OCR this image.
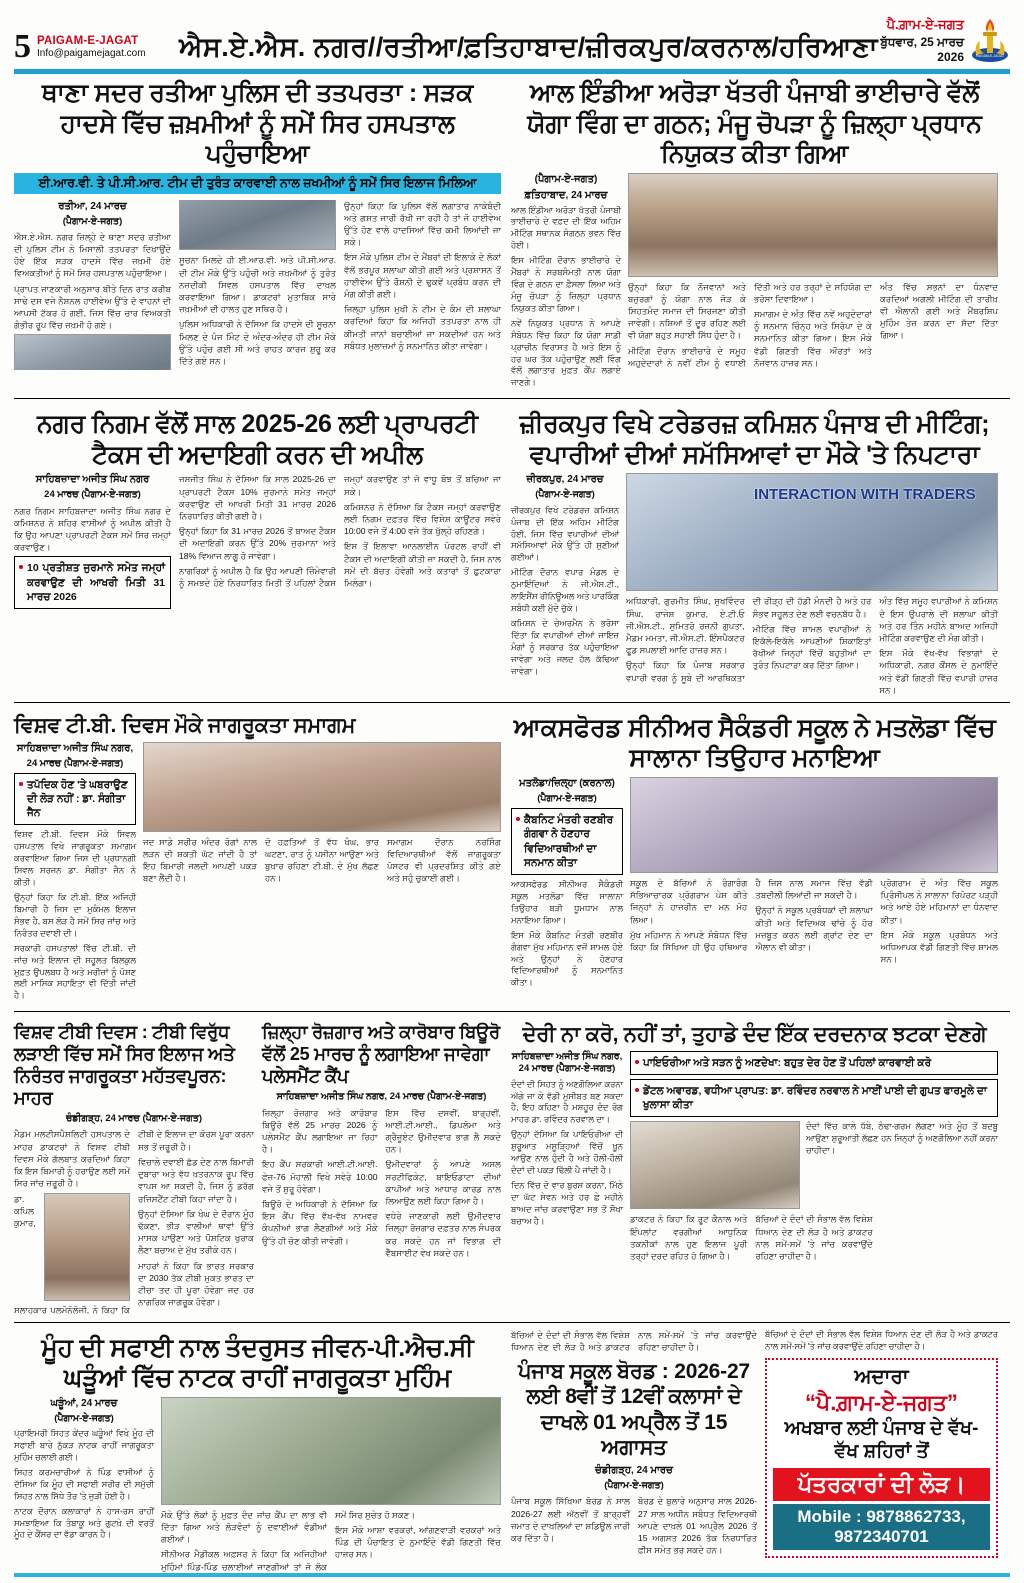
5 PAIGAM-E-JAGAT
Info@paigamejagat.com ਐਸ.ਏ.ਐਸ. ਨਗਰ//ਰਤੀਆ/ਫ਼ਤਿਹਾਬਾਦ/ਜ਼ੀਰਕਪੁਰ/ਕਰਨਾਲ/ਹਰਿਆਣਾ
ਪੈ.ਗ਼ਾਮ-ਏ-ਜਗਤ
ਬੁੱਧਵਾਰ, 25 ਮਾਰਚ 2026	PAIGAM-E-JAGAT
ਥਾਣਾ ਸਦਰ ਰਤੀਆ ਪੁਲਿਸ ਦੀ ਤਤਪਰਤਾ : ਸੜਕ ਹਾਦਸੇ ਵਿੱਚ ਜ਼ਖ਼ਮੀਆਂ ਨੂੰ ਸਮੇਂ ਸਿਰ ਹਸਪਤਾਲ ਪਹੁੰਚਾਇਆ
ਈ.ਆਰ.ਵੀ. ਤੇ ਪੀ.ਸੀ.ਆਰ. ਟੀਮ ਦੀ ਤੁਰੰਤ ਕਾਰਵਾਈ ਨਾਲ ਜ਼ਖਮੀਆਂ ਨੂੰ ਸਮੇਂ ਸਿਰ ਇਲਾਜ ਮਿਲਿਆ
ਰਤੀਆ, 24 ਮਾਰਚ
(ਪੈਗਾਮ-ਏ-ਜਗਤ)

ਐਸ.ਏ.ਐਸ. ਨਗਰ ਜ਼ਿਲ੍ਹੇ ਦੇ ਥਾਣਾ ਸਦਰ ਰਤੀਆ ਦੀ ਪੁਲਿਸ ਟੀਮ ਨੇ ਮਿਸਾਲੀ ਤਤਪਰਤਾ ਦਿਖਾਉਂਦੇ ਹੋਏ ਇੱਕ ਸੜਕ ਹਾਦਸੇ ਵਿੱਚ ਜ਼ਖ਼ਮੀ ਹੋਏ ਵਿਅਕਤੀਆਂ ਨੂੰ ਸਮੇਂ ਸਿਰ ਹਸਪਤਾਲ ਪਹੁੰਚਾਇਆ।

ਪ੍ਰਾਪਤ ਜਾਣਕਾਰੀ ਅਨੁਸਾਰ ਬੀਤੇ ਦਿਨ ਰਾਤ ਕਰੀਬ ਸਾਢੇ ਦਸ ਵਜੇ ਨੈਸ਼ਨਲ ਹਾਈਵੇਅ ਉੱਤੇ ਦੋ ਵਾਹਨਾਂ ਦੀ ਆਪਸੀ ਟੱਕਰ ਹੋ ਗਈ, ਜਿਸ ਵਿੱਚ ਚਾਰ ਵਿਅਕਤੀ ਗੰਭੀਰ ਰੂਪ ਵਿੱਚ ਜ਼ਖ਼ਮੀ ਹੋ ਗਏ।

ਸੂਚਨਾ ਮਿਲਦੇ ਹੀ ਈ.ਆਰ.ਵੀ. ਅਤੇ ਪੀ.ਸੀ.ਆਰ. ਦੀ ਟੀਮ ਮੌਕੇ ਉੱਤੇ ਪਹੁੰਚੀ ਅਤੇ ਜ਼ਖ਼ਮੀਆਂ ਨੂੰ ਤੁਰੰਤ ਨਜ਼ਦੀਕੀ ਸਿਵਲ ਹਸਪਤਾਲ ਵਿੱਚ ਦਾਖ਼ਲ ਕਰਵਾਇਆ ਗਿਆ। ਡਾਕਟਰਾਂ ਮੁਤਾਬਿਕ ਸਾਰੇ ਜ਼ਖ਼ਮੀਆਂ ਦੀ ਹਾਲਤ ਹੁਣ ਸਥਿਰ ਹੈ।

ਪੁਲਿਸ ਅਧਿਕਾਰੀ ਨੇ ਦੱਸਿਆ ਕਿ ਹਾਦਸੇ ਦੀ ਸੂਚਨਾ ਮਿਲਣ ਦੇ ਪੰਜ ਮਿੰਟ ਦੇ ਅੰਦਰ-ਅੰਦਰ ਹੀ ਟੀਮ ਮੌਕੇ ਉੱਤੇ ਪਹੁੰਚ ਗਈ ਸੀ ਅਤੇ ਰਾਹਤ ਕਾਰਜ ਸ਼ੁਰੂ ਕਰ ਦਿੱਤੇ ਗਏ ਸਨ।

ਉਨ੍ਹਾਂ ਕਿਹਾ ਕਿ ਪੁਲਿਸ ਵੱਲੋਂ ਲਗਾਤਾਰ ਨਾਕੇਬੰਦੀ ਅਤੇ ਗਸ਼ਤ ਜਾਰੀ ਰੱਖੀ ਜਾ ਰਹੀ ਹੈ ਤਾਂ ਜੋ ਹਾਈਵੇਅ ਉੱਤੇ ਹੋਣ ਵਾਲੇ ਹਾਦਸਿਆਂ ਵਿੱਚ ਕਮੀ ਲਿਆਂਦੀ ਜਾ ਸਕੇ।

ਇਸ ਮੌਕੇ ਪੁਲਿਸ ਟੀਮ ਦੇ ਮੈਂਬਰਾਂ ਦੀ ਇਲਾਕੇ ਦੇ ਲੋਕਾਂ ਵੱਲੋਂ ਭਰਪੂਰ ਸ਼ਲਾਘਾ ਕੀਤੀ ਗਈ ਅਤੇ ਪ੍ਰਸ਼ਾਸਨ ਤੋਂ ਹਾਈਵੇਅ ਉੱਤੇ ਰੌਸ਼ਨੀ ਦੇ ਢੁਕਵੇਂ ਪ੍ਰਬੰਧ ਕਰਨ ਦੀ ਮੰਗ ਕੀਤੀ ਗਈ।

ਜ਼ਿਲ੍ਹਾ ਪੁਲਿਸ ਮੁਖੀ ਨੇ ਟੀਮ ਦੇ ਕੰਮ ਦੀ ਸ਼ਲਾਘਾ ਕਰਦਿਆਂ ਕਿਹਾ ਕਿ ਅਜਿਹੀ ਤਤਪਰਤਾ ਨਾਲ ਹੀ ਕੀਮਤੀ ਜਾਨਾਂ ਬਚਾਈਆਂ ਜਾ ਸਕਦੀਆਂ ਹਨ ਅਤੇ ਸਬੰਧਤ ਮੁਲਾਜ਼ਮਾਂ ਨੂੰ ਸਨਮਾਨਿਤ ਕੀਤਾ ਜਾਵੇਗਾ।

ਆਲ ਇੰਡੀਆ ਅਰੋੜਾ ਖੱਤਰੀ ਪੰਜਾਬੀ ਭਾਈਚਾਰੇ ਵੱਲੋਂ ਯੋਗਾ ਵਿੰਗ ਦਾ ਗਠਨ; ਮੰਜੂ ਚੋਪੜਾ ਨੂੰ ਜ਼ਿਲ੍ਹਾ ਪ੍ਰਧਾਨ ਨਿਯੁਕਤ ਕੀਤਾ ਗਿਆ
(ਪੈਗਾਮ-ਏ-ਜਗਤ)
ਫ਼ਤਿਹਾਬਾਦ, 24 ਮਾਰਚ

ਆਲ ਇੰਡੀਆ ਅਰੋੜਾ ਖੱਤਰੀ ਪੰਜਾਬੀ ਭਾਈਚਾਰੇ ਦੇ ਵਫ਼ਦ ਦੀ ਇੱਕ ਅਹਿਮ ਮੀਟਿੰਗ ਸਥਾਨਕ ਸੰਗਠਨ ਭਵਨ ਵਿੱਚ ਹੋਈ।

ਇਸ ਮੀਟਿੰਗ ਦੌਰਾਨ ਭਾਈਚਾਰੇ ਦੇ ਮੈਂਬਰਾਂ ਨੇ ਸਰਬਸੰਮਤੀ ਨਾਲ ਯੋਗਾ ਵਿੰਗ ਦੇ ਗਠਨ ਦਾ ਫ਼ੈਸਲਾ ਲਿਆ ਅਤੇ ਮੰਜੂ ਚੋਪੜਾ ਨੂੰ ਜ਼ਿਲ੍ਹਾ ਪ੍ਰਧਾਨ ਨਿਯੁਕਤ ਕੀਤਾ ਗਿਆ।

ਨਵੇਂ ਨਿਯੁਕਤ ਪ੍ਰਧਾਨ ਨੇ ਆਪਣੇ ਸੰਬੋਧਨ ਵਿੱਚ ਕਿਹਾ ਕਿ ਯੋਗਾ ਸਾਡੀ ਪ੍ਰਾਚੀਨ ਵਿਰਾਸਤ ਹੈ ਅਤੇ ਇਸ ਨੂੰ ਹਰ ਘਰ ਤੱਕ ਪਹੁੰਚਾਉਣ ਲਈ ਵਿੰਗ ਵੱਲੋਂ ਲਗਾਤਾਰ ਮੁਫ਼ਤ ਕੈਂਪ ਲਗਾਏ ਜਾਣਗੇ।

ਉਨ੍ਹਾਂ ਕਿਹਾ ਕਿ ਨੌਜਵਾਨਾਂ ਅਤੇ ਬਜ਼ੁਰਗਾਂ ਨੂੰ ਯੋਗਾ ਨਾਲ ਜੋੜ ਕੇ ਸਿਹਤਮੰਦ ਸਮਾਜ ਦੀ ਸਿਰਜਣਾ ਕੀਤੀ ਜਾਵੇਗੀ। ਨਸ਼ਿਆਂ ਤੋਂ ਦੂਰ ਰਹਿਣ ਲਈ ਵੀ ਯੋਗਾ ਬਹੁਤ ਸਹਾਈ ਸਿੱਧ ਹੁੰਦਾ ਹੈ।

ਮੀਟਿੰਗ ਦੌਰਾਨ ਭਾਈਚਾਰੇ ਦੇ ਸਮੂਹ ਅਹੁਦੇਦਾਰਾਂ ਨੇ ਨਵੀਂ ਟੀਮ ਨੂੰ ਵਧਾਈ ਦਿੱਤੀ ਅਤੇ ਹਰ ਤਰ੍ਹਾਂ ਦੇ ਸਹਿਯੋਗ ਦਾ ਭਰੋਸਾ ਦਿਵਾਇਆ।

ਸਮਾਗਮ ਦੇ ਅੰਤ ਵਿੱਚ ਨਵੇਂ ਅਹੁਦੇਦਾਰਾਂ ਨੂੰ ਸਨਮਾਨ ਚਿੰਨ੍ਹ ਅਤੇ ਸਿਰੋਪਾ ਦੇ ਕੇ ਸਨਮਾਨਿਤ ਕੀਤਾ ਗਿਆ। ਇਸ ਮੌਕੇ ਵੱਡੀ ਗਿਣਤੀ ਵਿੱਚ ਔਰਤਾਂ ਅਤੇ ਨੌਜਵਾਨ ਹਾਜ਼ਰ ਸਨ।

ਅੰਤ ਵਿੱਚ ਸਭਨਾਂ ਦਾ ਧੰਨਵਾਦ ਕਰਦਿਆਂ ਅਗਲੀ ਮੀਟਿੰਗ ਦੀ ਤਾਰੀਖ਼ ਵੀ ਐਲਾਨੀ ਗਈ ਅਤੇ ਮੈਂਬਰਸ਼ਿਪ ਮੁਹਿੰਮ ਤੇਜ਼ ਕਰਨ ਦਾ ਸੱਦਾ ਦਿੱਤਾ ਗਿਆ।

ਨਗਰ ਨਿਗਮ ਵੱਲੋਂ ਸਾਲ 2025-26 ਲਈ ਪ੍ਰਾਪਰਟੀ ਟੈਕਸ ਦੀ ਅਦਾਇਗੀ ਕਰਨ ਦੀ ਅਪੀਲ
ਸਾਹਿਬਜ਼ਾਦਾ ਅਜੀਤ ਸਿੰਘ ਨਗਰ
24 ਮਾਰਚ (ਪੈਗਾਮ-ਏ-ਜਗਤ)

ਨਗਰ ਨਿਗਮ ਸਾਹਿਬਜ਼ਾਦਾ ਅਜੀਤ ਸਿੰਘ ਨਗਰ ਦੇ ਕਮਿਸ਼ਨਰ ਨੇ ਸ਼ਹਿਰ ਵਾਸੀਆਂ ਨੂੰ ਅਪੀਲ ਕੀਤੀ ਹੈ ਕਿ ਉਹ ਆਪਣਾ ਪ੍ਰਾਪਰਟੀ ਟੈਕਸ ਸਮੇਂ ਸਿਰ ਜਮ੍ਹਾਂ ਕਰਵਾਉਣ।

10 ਪ੍ਰਤੀਸ਼ਤ ਜੁਰਮਾਨੇ ਸਮੇਤ ਜਮ੍ਹਾਂ ਕਰਵਾਉਣ ਦੀ ਆਖਰੀ ਮਿਤੀ 31 ਮਾਰਚ 2026

ਜਸਜੀਤ ਸਿੰਘ ਨੇ ਦੱਸਿਆ ਕਿ ਸਾਲ 2025-26 ਦਾ ਪ੍ਰਾਪਰਟੀ ਟੈਕਸ 10% ਜੁਰਮਾਨੇ ਸਮੇਤ ਜਮ੍ਹਾਂ ਕਰਵਾਉਣ ਦੀ ਆਖਰੀ ਮਿਤੀ 31 ਮਾਰਚ 2026 ਨਿਰਧਾਰਿਤ ਕੀਤੀ ਗਈ ਹੈ।

ਉਨ੍ਹਾਂ ਕਿਹਾ ਕਿ 31 ਮਾਰਚ 2026 ਤੋਂ ਬਾਅਦ ਟੈਕਸ ਦੀ ਅਦਾਇਗੀ ਕਰਨ ਉੱਤੇ 20% ਜੁਰਮਾਨਾ ਅਤੇ 18% ਵਿਆਜ ਲਾਗੂ ਹੋ ਜਾਵੇਗਾ।

ਨਾਗਰਿਕਾਂ ਨੂੰ ਅਪੀਲ ਹੈ ਕਿ ਉਹ ਆਪਣੀ ਜ਼ਿੰਮੇਵਾਰੀ ਨੂੰ ਸਮਝਦੇ ਹੋਏ ਨਿਰਧਾਰਿਤ ਮਿਤੀ ਤੋਂ ਪਹਿਲਾਂ ਟੈਕਸ ਜਮ੍ਹਾਂ ਕਰਵਾਉਣ ਤਾਂ ਜੋ ਵਾਧੂ ਬੋਝ ਤੋਂ ਬਚਿਆ ਜਾ ਸਕੇ।

ਕਮਿਸ਼ਨਰ ਨੇ ਦੱਸਿਆ ਕਿ ਟੈਕਸ ਜਮ੍ਹਾਂ ਕਰਵਾਉਣ ਲਈ ਨਿਗਮ ਦਫ਼ਤਰ ਵਿੱਚ ਵਿਸ਼ੇਸ਼ ਕਾਊਂਟਰ ਸਵੇਰੇ 10:00 ਵਜੇ ਤੋਂ 4:00 ਵਜੇ ਤੱਕ ਖੁੱਲ੍ਹੇ ਰਹਿਣਗੇ।

ਇਸ ਤੋਂ ਇਲਾਵਾ ਆਨਲਾਈਨ ਪੋਰਟਲ ਰਾਹੀਂ ਵੀ ਟੈਕਸ ਦੀ ਅਦਾਇਗੀ ਕੀਤੀ ਜਾ ਸਕਦੀ ਹੈ, ਜਿਸ ਨਾਲ ਸਮੇਂ ਦੀ ਬੱਚਤ ਹੋਵੇਗੀ ਅਤੇ ਕਤਾਰਾਂ ਤੋਂ ਛੁਟਕਾਰਾ ਮਿਲੇਗਾ।

ਜ਼ੀਰਕਪੁਰ ਵਿਖੇ ਟਰੇਡਰਜ਼ ਕਮਿਸ਼ਨ ਪੰਜਾਬ ਦੀ ਮੀਟਿੰਗ; ਵਪਾਰੀਆਂ ਦੀਆਂ ਸਮੱਸਿਆਵਾਂ ਦਾ ਮੌਕੇ 'ਤੇ ਨਿਪਟਾਰਾ
ਜ਼ੀਰਕਪੁਰ, 24 ਮਾਰਚ
(ਪੈਗਾਮ-ਏ-ਜਗਤ)

ਜ਼ੀਰਕਪੁਰ ਵਿਖੇ ਟਰੇਡਰਜ਼ ਕਮਿਸ਼ਨ ਪੰਜਾਬ ਦੀ ਇੱਕ ਅਹਿਮ ਮੀਟਿੰਗ ਹੋਈ, ਜਿਸ ਵਿੱਚ ਵਪਾਰੀਆਂ ਦੀਆਂ ਸਮੱਸਿਆਵਾਂ ਮੌਕੇ ਉੱਤੇ ਹੀ ਸੁਣੀਆਂ ਗਈਆਂ।

ਮੀਟਿੰਗ ਦੌਰਾਨ ਵਪਾਰ ਮੰਡਲ ਦੇ ਨੁਮਾਇੰਦਿਆਂ ਨੇ ਜੀ.ਐਸ.ਟੀ., ਲਾਇਸੈਂਸ ਰੀਨਿਊਅਲ ਅਤੇ ਪਾਰਕਿੰਗ ਸਬੰਧੀ ਕਈ ਮੁੱਦੇ ਚੁੱਕੇ।

ਕਮਿਸ਼ਨ ਦੇ ਚੇਅਰਮੈਨ ਨੇ ਭਰੋਸਾ ਦਿੱਤਾ ਕਿ ਵਪਾਰੀਆਂ ਦੀਆਂ ਜਾਇਜ਼ ਮੰਗਾਂ ਨੂੰ ਸਰਕਾਰ ਤੱਕ ਪਹੁੰਚਾਇਆ ਜਾਵੇਗਾ ਅਤੇ ਜਲਦ ਹੱਲ ਕੱਢਿਆ ਜਾਵੇਗਾ।

INTERACTION WITH TRADERS

ਅਧਿਕਾਰੀ, ਗੁਰਮੀਤ ਸਿੰਘ, ਸੁਖਵਿੰਦਰ ਸਿੰਘ, ਰਾਜੇਸ਼ ਕੁਮਾਰ, ਏ.ਟੀ.ਓ ਜੀ.ਐਸ.ਟੀ., ਸੁਮਿਤਰੋ ਰਜਨੀ ਗੁਪਤਾ, ਮੈਡਮ ਮਮਤਾ, ਜੀ.ਐਸ.ਟੀ. ਇੰਸਪੈਕਟਰ ਫੂਡ ਸਪਲਾਈ ਆਦਿ ਹਾਜ਼ਰ ਸਨ।

ਉਨ੍ਹਾਂ ਕਿਹਾ ਕਿ ਪੰਜਾਬ ਸਰਕਾਰ ਵਪਾਰੀ ਵਰਗ ਨੂੰ ਸੂਬੇ ਦੀ ਆਰਥਿਕਤਾ ਦੀ ਰੀੜ੍ਹ ਦੀ ਹੱਡੀ ਮੰਨਦੀ ਹੈ ਅਤੇ ਹਰ ਸੰਭਵ ਸਹੂਲਤ ਦੇਣ ਲਈ ਵਚਨਬੱਧ ਹੈ।

ਮੀਟਿੰਗ ਵਿੱਚ ਸ਼ਾਮਲ ਵਪਾਰੀਆਂ ਨੇ ਇਕੱਲੇ-ਇਕੱਲੇ ਆਪਣੀਆਂ ਸ਼ਿਕਾਇਤਾਂ ਰੱਖੀਆਂ ਜਿਨ੍ਹਾਂ ਵਿੱਚੋਂ ਬਹੁਤੀਆਂ ਦਾ ਤੁਰੰਤ ਨਿਪਟਾਰਾ ਕਰ ਦਿੱਤਾ ਗਿਆ।

ਅੰਤ ਵਿੱਚ ਸਮੂਹ ਵਪਾਰੀਆਂ ਨੇ ਕਮਿਸ਼ਨ ਦੇ ਇਸ ਉਪਰਾਲੇ ਦੀ ਸ਼ਲਾਘਾ ਕੀਤੀ ਅਤੇ ਹਰ ਤਿੰਨ ਮਹੀਨੇ ਬਾਅਦ ਅਜਿਹੀ ਮੀਟਿੰਗ ਕਰਵਾਉਣ ਦੀ ਮੰਗ ਕੀਤੀ।

ਇਸ ਮੌਕੇ ਵੱਖ-ਵੱਖ ਵਿਭਾਗਾਂ ਦੇ ਅਧਿਕਾਰੀ, ਨਗਰ ਕੌਂਸਲ ਦੇ ਨੁਮਾਇੰਦੇ ਅਤੇ ਵੱਡੀ ਗਿਣਤੀ ਵਿੱਚ ਵਪਾਰੀ ਹਾਜ਼ਰ ਸਨ।

ਵਿਸ਼ਵ ਟੀ.ਬੀ. ਦਿਵਸ ਮੌਕੇ ਜਾਗਰੂਕਤਾ ਸਮਾਗਮ
ਸਾਹਿਬਜ਼ਾਦਾ ਅਜੀਤ ਸਿੰਘ ਨਗਰ,
24 ਮਾਰਚ (ਪੈਗਾਮ-ਏ-ਜਗਤ)
ਤਪੱਦਿਕ ਹੋਣ 'ਤੇ ਘਬਰਾਉਣ ਦੀ ਲੋੜ ਨਹੀਂ : ਡਾ. ਸੰਗੀਤਾ ਜੈਨ

ਵਿਸ਼ਵ ਟੀ.ਬੀ. ਦਿਵਸ ਮੌਕੇ ਸਿਵਲ ਹਸਪਤਾਲ ਵਿਖੇ ਜਾਗਰੂਕਤਾ ਸਮਾਗਮ ਕਰਵਾਇਆ ਗਿਆ ਜਿਸ ਦੀ ਪ੍ਰਧਾਨਗੀ ਸਿਵਲ ਸਰਜਨ ਡਾ. ਸੰਗੀਤਾ ਜੈਨ ਨੇ ਕੀਤੀ।

ਉਨ੍ਹਾਂ ਕਿਹਾ ਕਿ ਟੀ.ਬੀ. ਇੱਕ ਅਜਿਹੀ ਬਿਮਾਰੀ ਹੈ ਜਿਸ ਦਾ ਮੁਕੰਮਲ ਇਲਾਜ ਸੰਭਵ ਹੈ, ਬਸ ਲੋੜ ਹੈ ਸਮੇਂ ਸਿਰ ਜਾਂਚ ਅਤੇ ਨਿਰੰਤਰ ਦਵਾਈ ਦੀ।

ਸਰਕਾਰੀ ਹਸਪਤਾਲਾਂ ਵਿੱਚ ਟੀ.ਬੀ. ਦੀ ਜਾਂਚ ਅਤੇ ਇਲਾਜ ਦੀ ਸਹੂਲਤ ਬਿਲਕੁਲ ਮੁਫ਼ਤ ਉਪਲਬਧ ਹੈ ਅਤੇ ਮਰੀਜ਼ਾਂ ਨੂੰ ਪੋਸ਼ਣ ਲਈ ਮਾਸਿਕ ਸਹਾਇਤਾ ਵੀ ਦਿੱਤੀ ਜਾਂਦੀ ਹੈ।

ਜਦ ਸਾਡੇ ਸਰੀਰ ਅੰਦਰ ਰੋਗਾਂ ਨਾਲ ਲੜਨ ਦੀ ਸ਼ਕਤੀ ਘੱਟ ਜਾਂਦੀ ਹੈ ਤਾਂ ਇਹ ਬਿਮਾਰੀ ਜਲਦੀ ਆਪਣੀ ਪਕੜ ਬਣਾ ਲੈਂਦੀ ਹੈ।

ਦੋ ਹਫ਼ਤਿਆਂ ਤੋਂ ਵੱਧ ਖੰਘ, ਭਾਰ ਘਟਣਾ, ਰਾਤ ਨੂੰ ਪਸੀਨਾ ਆਉਣਾ ਅਤੇ ਬੁਖ਼ਾਰ ਰਹਿਣਾ ਟੀ.ਬੀ. ਦੇ ਮੁੱਖ ਲੱਛਣ ਹਨ।

ਸਮਾਗਮ ਦੌਰਾਨ ਨਰਸਿੰਗ ਵਿਦਿਆਰਥੀਆਂ ਵੱਲੋਂ ਜਾਗਰੂਕਤਾ ਪੋਸਟਰ ਵੀ ਪ੍ਰਦਰਸ਼ਿਤ ਕੀਤੇ ਗਏ ਅਤੇ ਸਹੁੰ ਚੁਕਾਈ ਗਈ।

ਆਕਸਫੋਰਡ ਸੀਨੀਅਰ ਸੈਕੰਡਰੀ ਸਕੂਲ ਨੇ ਮਤਲੋਡਾ ਵਿੱਚ ਸਾਲਾਨਾ ਤਿਉਹਾਰ ਮਨਾਇਆ
ਮਤਲੋਡਾ/ਜ਼ਿਲ੍ਹਾ (ਕਰਨਾਲ)
(ਪੈਗਾਮ-ਏ-ਜਗਤ)
ਕੈਬਨਿਟ ਮੰਤਰੀ ਰਣਬੀਰ ਗੰਗਵਾ ਨੇ ਹੋਣਹਾਰ ਵਿਦਿਆਰਥੀਆਂ ਦਾ ਸਨਮਾਨ ਕੀਤਾ

ਆਕਸਫੋਰਡ ਸੀਨੀਅਰ ਸੈਕੰਡਰੀ ਸਕੂਲ ਮਤਲੋਡਾ ਵਿੱਚ ਸਾਲਾਨਾ ਤਿਉਹਾਰ ਬੜੀ ਧੂਮਧਾਮ ਨਾਲ ਮਨਾਇਆ ਗਿਆ।

ਇਸ ਮੌਕੇ ਕੈਬਨਿਟ ਮੰਤਰੀ ਰਣਬੀਰ ਗੰਗਵਾ ਮੁੱਖ ਮਹਿਮਾਨ ਵਜੋਂ ਸ਼ਾਮਲ ਹੋਏ ਅਤੇ ਉਨ੍ਹਾਂ ਨੇ ਹੋਣਹਾਰ ਵਿਦਿਆਰਥੀਆਂ ਨੂੰ ਸਨਮਾਨਿਤ ਕੀਤਾ।

ਸਕੂਲ ਦੇ ਬੱਚਿਆਂ ਨੇ ਰੰਗਾਰੰਗ ਸੱਭਿਆਚਾਰਕ ਪ੍ਰੋਗਰਾਮ ਪੇਸ਼ ਕੀਤੇ ਜਿਨ੍ਹਾਂ ਨੇ ਹਾਜ਼ਰੀਨ ਦਾ ਮਨ ਮੋਹ ਲਿਆ।

ਮੁੱਖ ਮਹਿਮਾਨ ਨੇ ਆਪਣੇ ਸੰਬੋਧਨ ਵਿੱਚ ਕਿਹਾ ਕਿ ਸਿੱਖਿਆ ਹੀ ਉਹ ਹਥਿਆਰ ਹੈ ਜਿਸ ਨਾਲ ਸਮਾਜ ਵਿੱਚ ਵੱਡੀ ਤਬਦੀਲੀ ਲਿਆਂਦੀ ਜਾ ਸਕਦੀ ਹੈ।

ਉਨ੍ਹਾਂ ਨੇ ਸਕੂਲ ਪ੍ਰਬੰਧਕਾਂ ਦੀ ਸ਼ਲਾਘਾ ਕੀਤੀ ਅਤੇ ਵਿਦਿਅਕ ਢਾਂਚੇ ਨੂੰ ਹੋਰ ਮਜ਼ਬੂਤ ਕਰਨ ਲਈ ਗ੍ਰਾਂਟ ਦੇਣ ਦਾ ਐਲਾਨ ਵੀ ਕੀਤਾ।

ਪ੍ਰੋਗਰਾਮ ਦੇ ਅੰਤ ਵਿੱਚ ਸਕੂਲ ਪ੍ਰਿੰਸੀਪਲ ਨੇ ਸਾਲਾਨਾ ਰਿਪੋਰਟ ਪੜ੍ਹੀ ਅਤੇ ਆਏ ਹੋਏ ਮਹਿਮਾਨਾਂ ਦਾ ਧੰਨਵਾਦ ਕੀਤਾ।

ਇਸ ਮੌਕੇ ਸਕੂਲ ਪ੍ਰਬੰਧਨ ਅਤੇ ਅਧਿਆਪਕ ਵੱਡੀ ਗਿਣਤੀ ਵਿੱਚ ਸ਼ਾਮਲ ਸਨ।

ਵਿਸ਼ਵ ਟੀਬੀ ਦਿਵਸ : ਟੀਬੀ ਵਿਰੁੱਧ ਲੜਾਈ ਵਿੱਚ ਸਮੇਂ ਸਿਰ ਇਲਾਜ ਅਤੇ ਨਿਰੰਤਰ ਜਾਗਰੂਕਤਾ ਮਹੱਤਵਪੂਰਨ: ਮਾਹਰ
ਚੰਡੀਗੜ੍ਹ, 24 ਮਾਰਚ (ਪੈਗਾਮ-ਏ-ਜਗਤ)

ਮੈਡਮ ਮਲਟੀਸਪੈਸ਼ਲਿਟੀ ਹਸਪਤਾਲ ਦੇ ਮਾਹਰ ਡਾਕਟਰਾਂ ਨੇ ਵਿਸ਼ਵ ਟੀਬੀ ਦਿਵਸ ਮੌਕੇ ਗੱਲਬਾਤ ਕਰਦਿਆਂ ਕਿਹਾ ਕਿ ਇਸ ਬਿਮਾਰੀ ਨੂੰ ਹਰਾਉਣ ਲਈ ਸਮੇਂ ਸਿਰ ਜਾਂਚ ਜ਼ਰੂਰੀ ਹੈ।

ਡਾ. ਕਪਿਲ ਕੁਮਾਰ, ਸਲਾਹਕਾਰ ਪਲਮੋਨੋਲੋਜੀ, ਨੇ ਕਿਹਾ ਕਿ ਟੀਬੀ ਦੇ ਇਲਾਜ ਦਾ ਕੋਰਸ ਪੂਰਾ ਕਰਨਾ ਸਭ ਤੋਂ ਜ਼ਰੂਰੀ ਹੈ।

ਵਿਚਾਲੇ ਦਵਾਈ ਛੱਡ ਦੇਣ ਨਾਲ ਬਿਮਾਰੀ ਦੁਬਾਰਾ ਅਤੇ ਵੱਧ ਖ਼ਤਰਨਾਕ ਰੂਪ ਵਿੱਚ ਵਾਪਸ ਆ ਸਕਦੀ ਹੈ, ਜਿਸ ਨੂੰ ਡਰੱਗ ਰਜ਼ਿਸਟੈਂਟ ਟੀਬੀ ਕਿਹਾ ਜਾਂਦਾ ਹੈ।

ਉਨ੍ਹਾਂ ਦੱਸਿਆ ਕਿ ਖੰਘ ਦੇ ਦੌਰਾਨ ਮੂੰਹ ਢੱਕਣਾ, ਭੀੜ ਵਾਲੀਆਂ ਥਾਵਾਂ ਉੱਤੇ ਮਾਸਕ ਪਾਉਣਾ ਅਤੇ ਪੌਸ਼ਟਿਕ ਖੁਰਾਕ ਲੈਣਾ ਬਚਾਅ ਦੇ ਮੁੱਖ ਤਰੀਕੇ ਹਨ।

ਮਾਹਰਾਂ ਨੇ ਕਿਹਾ ਕਿ ਭਾਰਤ ਸਰਕਾਰ ਦਾ 2030 ਤੱਕ ਟੀਬੀ ਮੁਕਤ ਭਾਰਤ ਦਾ ਟੀਚਾ ਤਦ ਹੀ ਪੂਰਾ ਹੋਵੇਗਾ ਜਦ ਹਰ ਨਾਗਰਿਕ ਜਾਗਰੂਕ ਹੋਵੇਗਾ।

ਜ਼ਿਲ੍ਹਾ ਰੋਜ਼ਗਾਰ ਅਤੇ ਕਾਰੋਬਾਰ ਬਿਊਰੋ ਵੱਲੋਂ 25 ਮਾਰਚ ਨੂੰ ਲਗਾਇਆ ਜਾਵੇਗਾ ਪਲੇਸਮੈਂਟ ਕੈਂਪ
ਸਾਹਿਬਜ਼ਾਦਾ ਅਜੀਤ ਸਿੰਘ ਨਗਰ, 24 ਮਾਰਚ (ਪੈਗਾਮ-ਏ-ਜਗਤ)

ਜ਼ਿਲ੍ਹਾ ਰੋਜ਼ਗਾਰ ਅਤੇ ਕਾਰੋਬਾਰ ਬਿਊਰੋ ਵੱਲੋਂ 25 ਮਾਰਚ 2026 ਨੂੰ ਪਲੇਸਮੈਂਟ ਕੈਂਪ ਲਗਾਇਆ ਜਾ ਰਿਹਾ ਹੈ।

ਇਹ ਕੈਂਪ ਸਰਕਾਰੀ ਆਈ.ਟੀ.ਆਈ. ਫੇਜ਼-76 ਮੋਹਾਲੀ ਵਿਖੇ ਸਵੇਰੇ 10:00 ਵਜੇ ਤੋਂ ਸ਼ੁਰੂ ਹੋਵੇਗਾ।

ਬਿਊਰੋ ਦੇ ਅਧਿਕਾਰੀ ਨੇ ਦੱਸਿਆ ਕਿ ਇਸ ਕੈਂਪ ਵਿੱਚ ਵੱਖ-ਵੱਖ ਨਾਮਵਰ ਕੰਪਨੀਆਂ ਭਾਗ ਲੈਣਗੀਆਂ ਅਤੇ ਮੌਕੇ ਉੱਤੇ ਹੀ ਚੋਣ ਕੀਤੀ ਜਾਵੇਗੀ।

ਇਸ ਵਿੱਚ ਦਸਵੀਂ, ਬਾਰ੍ਹਵੀਂ, ਆਈ.ਟੀ.ਆਈ., ਡਿਪਲੋਮਾ ਅਤੇ ਗ੍ਰੈਜੂਏਟ ਉਮੀਦਵਾਰ ਭਾਗ ਲੈ ਸਕਦੇ ਹਨ।

ਉਮੀਦਵਾਰਾਂ ਨੂੰ ਆਪਣੇ ਅਸਲ ਸਰਟੀਫਿਕੇਟ, ਬਾਇਓਡਾਟਾ ਦੀਆਂ ਕਾਪੀਆਂ ਅਤੇ ਆਧਾਰ ਕਾਰਡ ਨਾਲ ਲਿਆਉਣ ਲਈ ਕਿਹਾ ਗਿਆ ਹੈ।

ਵਧੇਰੇ ਜਾਣਕਾਰੀ ਲਈ ਉਮੀਦਵਾਰ ਜ਼ਿਲ੍ਹਾ ਰੋਜ਼ਗਾਰ ਦਫ਼ਤਰ ਨਾਲ ਸੰਪਰਕ ਕਰ ਸਕਦੇ ਹਨ ਜਾਂ ਵਿਭਾਗ ਦੀ ਵੈੱਬਸਾਈਟ ਵੇਖ ਸਕਦੇ ਹਨ।

ਦੇਰੀ ਨਾ ਕਰੋ, ਨਹੀਂ ਤਾਂ, ਤੁਹਾਡੇ ਦੰਦ ਇੱਕ ਦਰਦਨਾਕ ਝਟਕਾ ਦੇਣਗੇ
ਸਾਹਿਬਜ਼ਾਦਾ ਅਜੀਤ ਸਿੰਘ ਨਗਰ, 24 ਮਾਰਚ (ਪੈਗਾਮ-ਏ-ਜਗਤ)

ਦੰਦਾਂ ਦੀ ਸਿਹਤ ਨੂੰ ਅਣਗੌਲਿਆ ਕਰਨਾ ਅੱਗੇ ਜਾ ਕੇ ਵੱਡੀ ਮੁਸੀਬਤ ਬਣ ਸਕਦਾ ਹੈ, ਇਹ ਕਹਿਣਾ ਹੈ ਮਸ਼ਹੂਰ ਦੰਦ ਰੋਗ ਮਾਹਰ ਡਾ. ਰਵਿੰਦਰ ਨਰਵਾਲ ਦਾ।

ਉਨ੍ਹਾਂ ਦੱਸਿਆ ਕਿ ਪਾਇਓਰੀਆ ਦੀ ਸ਼ੁਰੂਆਤ ਮਸੂੜ੍ਹਿਆਂ ਵਿੱਚੋਂ ਖ਼ੂਨ ਆਉਣ ਨਾਲ ਹੁੰਦੀ ਹੈ ਅਤੇ ਹੌਲੀ-ਹੌਲੀ ਦੰਦਾਂ ਦੀ ਪਕੜ ਢਿੱਲੀ ਪੈ ਜਾਂਦੀ ਹੈ।

ਦਿਨ ਵਿੱਚ ਦੋ ਵਾਰ ਬੁਰਸ਼ ਕਰਨਾ, ਮਿੱਠੇ ਦਾ ਘੱਟ ਸੇਵਨ ਅਤੇ ਹਰ ਛੇ ਮਹੀਨੇ ਬਾਅਦ ਜਾਂਚ ਕਰਵਾਉਣਾ ਸਭ ਤੋਂ ਸੌਖਾ ਬਚਾਅ ਹੈ।

ਪਾਇਓਰੀਆ ਅਤੇ ਸੜਨ ਨੂੰ ਅਣਦੇਖਾ: ਬਹੁਤ ਦੇਰ ਹੋਣ ਤੋਂ ਪਹਿਲਾਂ ਕਾਰਵਾਈ ਕਰੋ
ਡੇਂਟਲ ਅਵਾਰਡ, ਵਧੀਆ ਪ੍ਰਾਪਤ: ਡਾ. ਰਵਿੰਦਰ ਨਰਵਾਲ ਨੇ ਮਾਈਂ ਪਾਈ ਦੀ ਗੁਪਤ ਫਾਰਮੂਲੇ ਦਾ ਖੁਲਾਸਾ ਕੀਤਾ

ਦੰਦਾਂ ਵਿੱਚ ਕਾਲੇ ਧੱਬੇ, ਠੰਢਾ-ਗਰਮ ਲੱਗਣਾ ਅਤੇ ਮੂੰਹ ਤੋਂ ਬਦਬੂ ਆਉਣਾ ਸ਼ੁਰੂਆਤੀ ਲੱਛਣ ਹਨ ਜਿਨ੍ਹਾਂ ਨੂੰ ਅਣਗੌਲਿਆ ਨਹੀਂ ਕਰਨਾ ਚਾਹੀਦਾ।

ਡਾਕਟਰ ਨੇ ਕਿਹਾ ਕਿ ਰੂਟ ਕੈਨਾਲ ਅਤੇ ਇੰਪਲਾਂਟ ਵਰਗੀਆਂ ਆਧੁਨਿਕ ਤਕਨੀਕਾਂ ਨਾਲ ਹੁਣ ਇਲਾਜ ਪੂਰੀ ਤਰ੍ਹਾਂ ਦਰਦ ਰਹਿਤ ਹੋ ਗਿਆ ਹੈ।

ਬੱਚਿਆਂ ਦੇ ਦੰਦਾਂ ਦੀ ਸੰਭਾਲ ਵੱਲ ਵਿਸ਼ੇਸ਼ ਧਿਆਨ ਦੇਣ ਦੀ ਲੋੜ ਹੈ ਅਤੇ ਡਾਕਟਰ ਨਾਲ ਸਮੇਂ-ਸਮੇਂ 'ਤੇ ਜਾਂਚ ਕਰਵਾਉਂਦੇ ਰਹਿਣਾ ਚਾਹੀਦਾ ਹੈ।

ਮੂੰਹ ਦੀ ਸਫਾਈ ਨਾਲ ਤੰਦਰੁਸਤ ਜੀਵਨ-ਪੀ.ਐਚ.ਸੀ ਘੜੂੰਆਂ ਵਿੱਚ ਨਾਟਕ ਰਾਹੀਂ ਜਾਗਰੂਕਤਾ ਮੁਹਿੰਮ
ਘੜੂੰਆਂ, 24 ਮਾਰਚ
(ਪੈਗਾਮ-ਏ-ਜਗਤ)

ਪ੍ਰਾਇਮਰੀ ਸਿਹਤ ਕੇਂਦਰ ਘੜੂੰਆਂ ਵਿਖੇ ਮੂੰਹ ਦੀ ਸਫਾਈ ਬਾਰੇ ਨੁੱਕੜ ਨਾਟਕ ਰਾਹੀਂ ਜਾਗਰੂਕਤਾ ਮੁਹਿੰਮ ਚਲਾਈ ਗਈ।

ਸਿਹਤ ਕਰਮਚਾਰੀਆਂ ਨੇ ਪਿੰਡ ਵਾਸੀਆਂ ਨੂੰ ਦੱਸਿਆ ਕਿ ਮੂੰਹ ਦੀ ਸਫਾਈ ਸਰੀਰ ਦੀ ਸਮੁੱਚੀ ਸਿਹਤ ਨਾਲ ਸਿੱਧੇ ਤੌਰ 'ਤੇ ਜੁੜੀ ਹੋਈ ਹੈ।

ਨਾਟਕ ਦੌਰਾਨ ਕਲਾਕਾਰਾਂ ਨੇ ਹਾਸ-ਰਸ ਰਾਹੀਂ ਸਮਝਾਇਆ ਕਿ ਤੰਬਾਕੂ ਅਤੇ ਗੁਟਖ਼ੇ ਦੀ ਵਰਤੋਂ ਮੂੰਹ ਦੇ ਕੈਂਸਰ ਦਾ ਵੱਡਾ ਕਾਰਨ ਹੈ।

ਮੌਕੇ ਉੱਤੇ ਲੋਕਾਂ ਨੂੰ ਮੁਫ਼ਤ ਦੰਦ ਜਾਂਚ ਕੈਂਪ ਦਾ ਲਾਭ ਵੀ ਦਿੱਤਾ ਗਿਆ ਅਤੇ ਲੋੜਵੰਦਾਂ ਨੂੰ ਦਵਾਈਆਂ ਵੰਡੀਆਂ ਗਈਆਂ।

ਸੀਨੀਅਰ ਮੈਡੀਕਲ ਅਫ਼ਸਰ ਨੇ ਕਿਹਾ ਕਿ ਅਜਿਹੀਆਂ ਮੁਹਿੰਮਾਂ ਪਿੰਡ-ਪਿੰਡ ਚਲਾਈਆਂ ਜਾਣਗੀਆਂ ਤਾਂ ਜੋ ਲੋਕ ਸਮੇਂ ਸਿਰ ਸੁਚੇਤ ਹੋ ਸਕਣ।

ਇਸ ਮੌਕੇ ਆਸ਼ਾ ਵਰਕਰਾਂ, ਆਂਗਣਵਾੜੀ ਵਰਕਰਾਂ ਅਤੇ ਪਿੰਡ ਦੀ ਪੰਚਾਇਤ ਦੇ ਨੁਮਾਇੰਦੇ ਵੱਡੀ ਗਿਣਤੀ ਵਿੱਚ ਹਾਜ਼ਰ ਸਨ।

ਬੱਚਿਆਂ ਦੇ ਦੰਦਾਂ ਦੀ ਸੰਭਾਲ ਵੱਲ ਵਿਸ਼ੇਸ਼ ਧਿਆਨ ਦੇਣ ਦੀ ਲੋੜ ਹੈ ਅਤੇ ਡਾਕਟਰ ਨਾਲ ਸਮੇਂ-ਸਮੇਂ 'ਤੇ ਜਾਂਚ ਕਰਵਾਉਂਦੇ ਰਹਿਣਾ ਚਾਹੀਦਾ ਹੈ।

ਪੰਜਾਬ ਸਕੂਲ ਬੋਰਡ : 2026-27 ਲਈ 8ਵੀਂ ਤੋਂ 12ਵੀਂ ਕਲਾਸਾਂ ਦੇ ਦਾਖਲੇ 01 ਅਪ੍ਰੈਲ ਤੋਂ 15 ਅਗਾਸਤ
ਚੰਡੀਗੜ੍ਹ, 24 ਮਾਰਚ
(ਪੈਗਾਮ-ਏ-ਜਗਤ)

ਪੰਜਾਬ ਸਕੂਲ ਸਿੱਖਿਆ ਬੋਰਡ ਨੇ ਸਾਲ 2026-27 ਲਈ ਅੱਠਵੀਂ ਤੋਂ ਬਾਰ੍ਹਵੀਂ ਜਮਾਤ ਦੇ ਦਾਖ਼ਲਿਆਂ ਦਾ ਸ਼ਡਿਊਲ ਜਾਰੀ ਕਰ ਦਿੱਤਾ ਹੈ।

ਬੋਰਡ ਦੇ ਬੁਲਾਰੇ ਅਨੁਸਾਰ ਸਾਲ 2026-27 ਸਾਲ ਅਧੀਨ ਸਬੰਧਤ ਵਿਦਿਆਰਥੀ ਆਪਣੇ ਦਾਖ਼ਲੇ 01 ਅਪ੍ਰੈਲ 2026 ਤੋਂ 15 ਅਗਸਤ 2026 ਤੱਕ ਨਿਰਧਾਰਿਤ ਫ਼ੀਸ ਸਮੇਤ ਭਰ ਸਕਦੇ ਹਨ।

ਬੱਚਿਆਂ ਦੇ ਦੰਦਾਂ ਦੀ ਸੰਭਾਲ ਵੱਲ ਵਿਸ਼ੇਸ਼ ਧਿਆਨ ਦੇਣ ਦੀ ਲੋੜ ਹੈ ਅਤੇ ਡਾਕਟਰ ਨਾਲ ਸਮੇਂ-ਸਮੇਂ 'ਤੇ ਜਾਂਚ ਕਰਵਾਉਂਦੇ ਰਹਿਣਾ ਚਾਹੀਦਾ ਹੈ।

ਅਦਾਰਾ
“ਪੈ.ਗ਼ਾਮ-ਏ-ਜਗਤ”
ਅਖਬਾਰ ਲਈ ਪੰਜਾਬ ਦੇ ਵੱਖ-ਵੱਖ ਸ਼ਹਿਰਾਂ ਤੋਂ
ਪੱਤਰਕਾਰਾਂ ਦੀ ਲੋੜ।
Mobile : 9878862733, 9872340701
